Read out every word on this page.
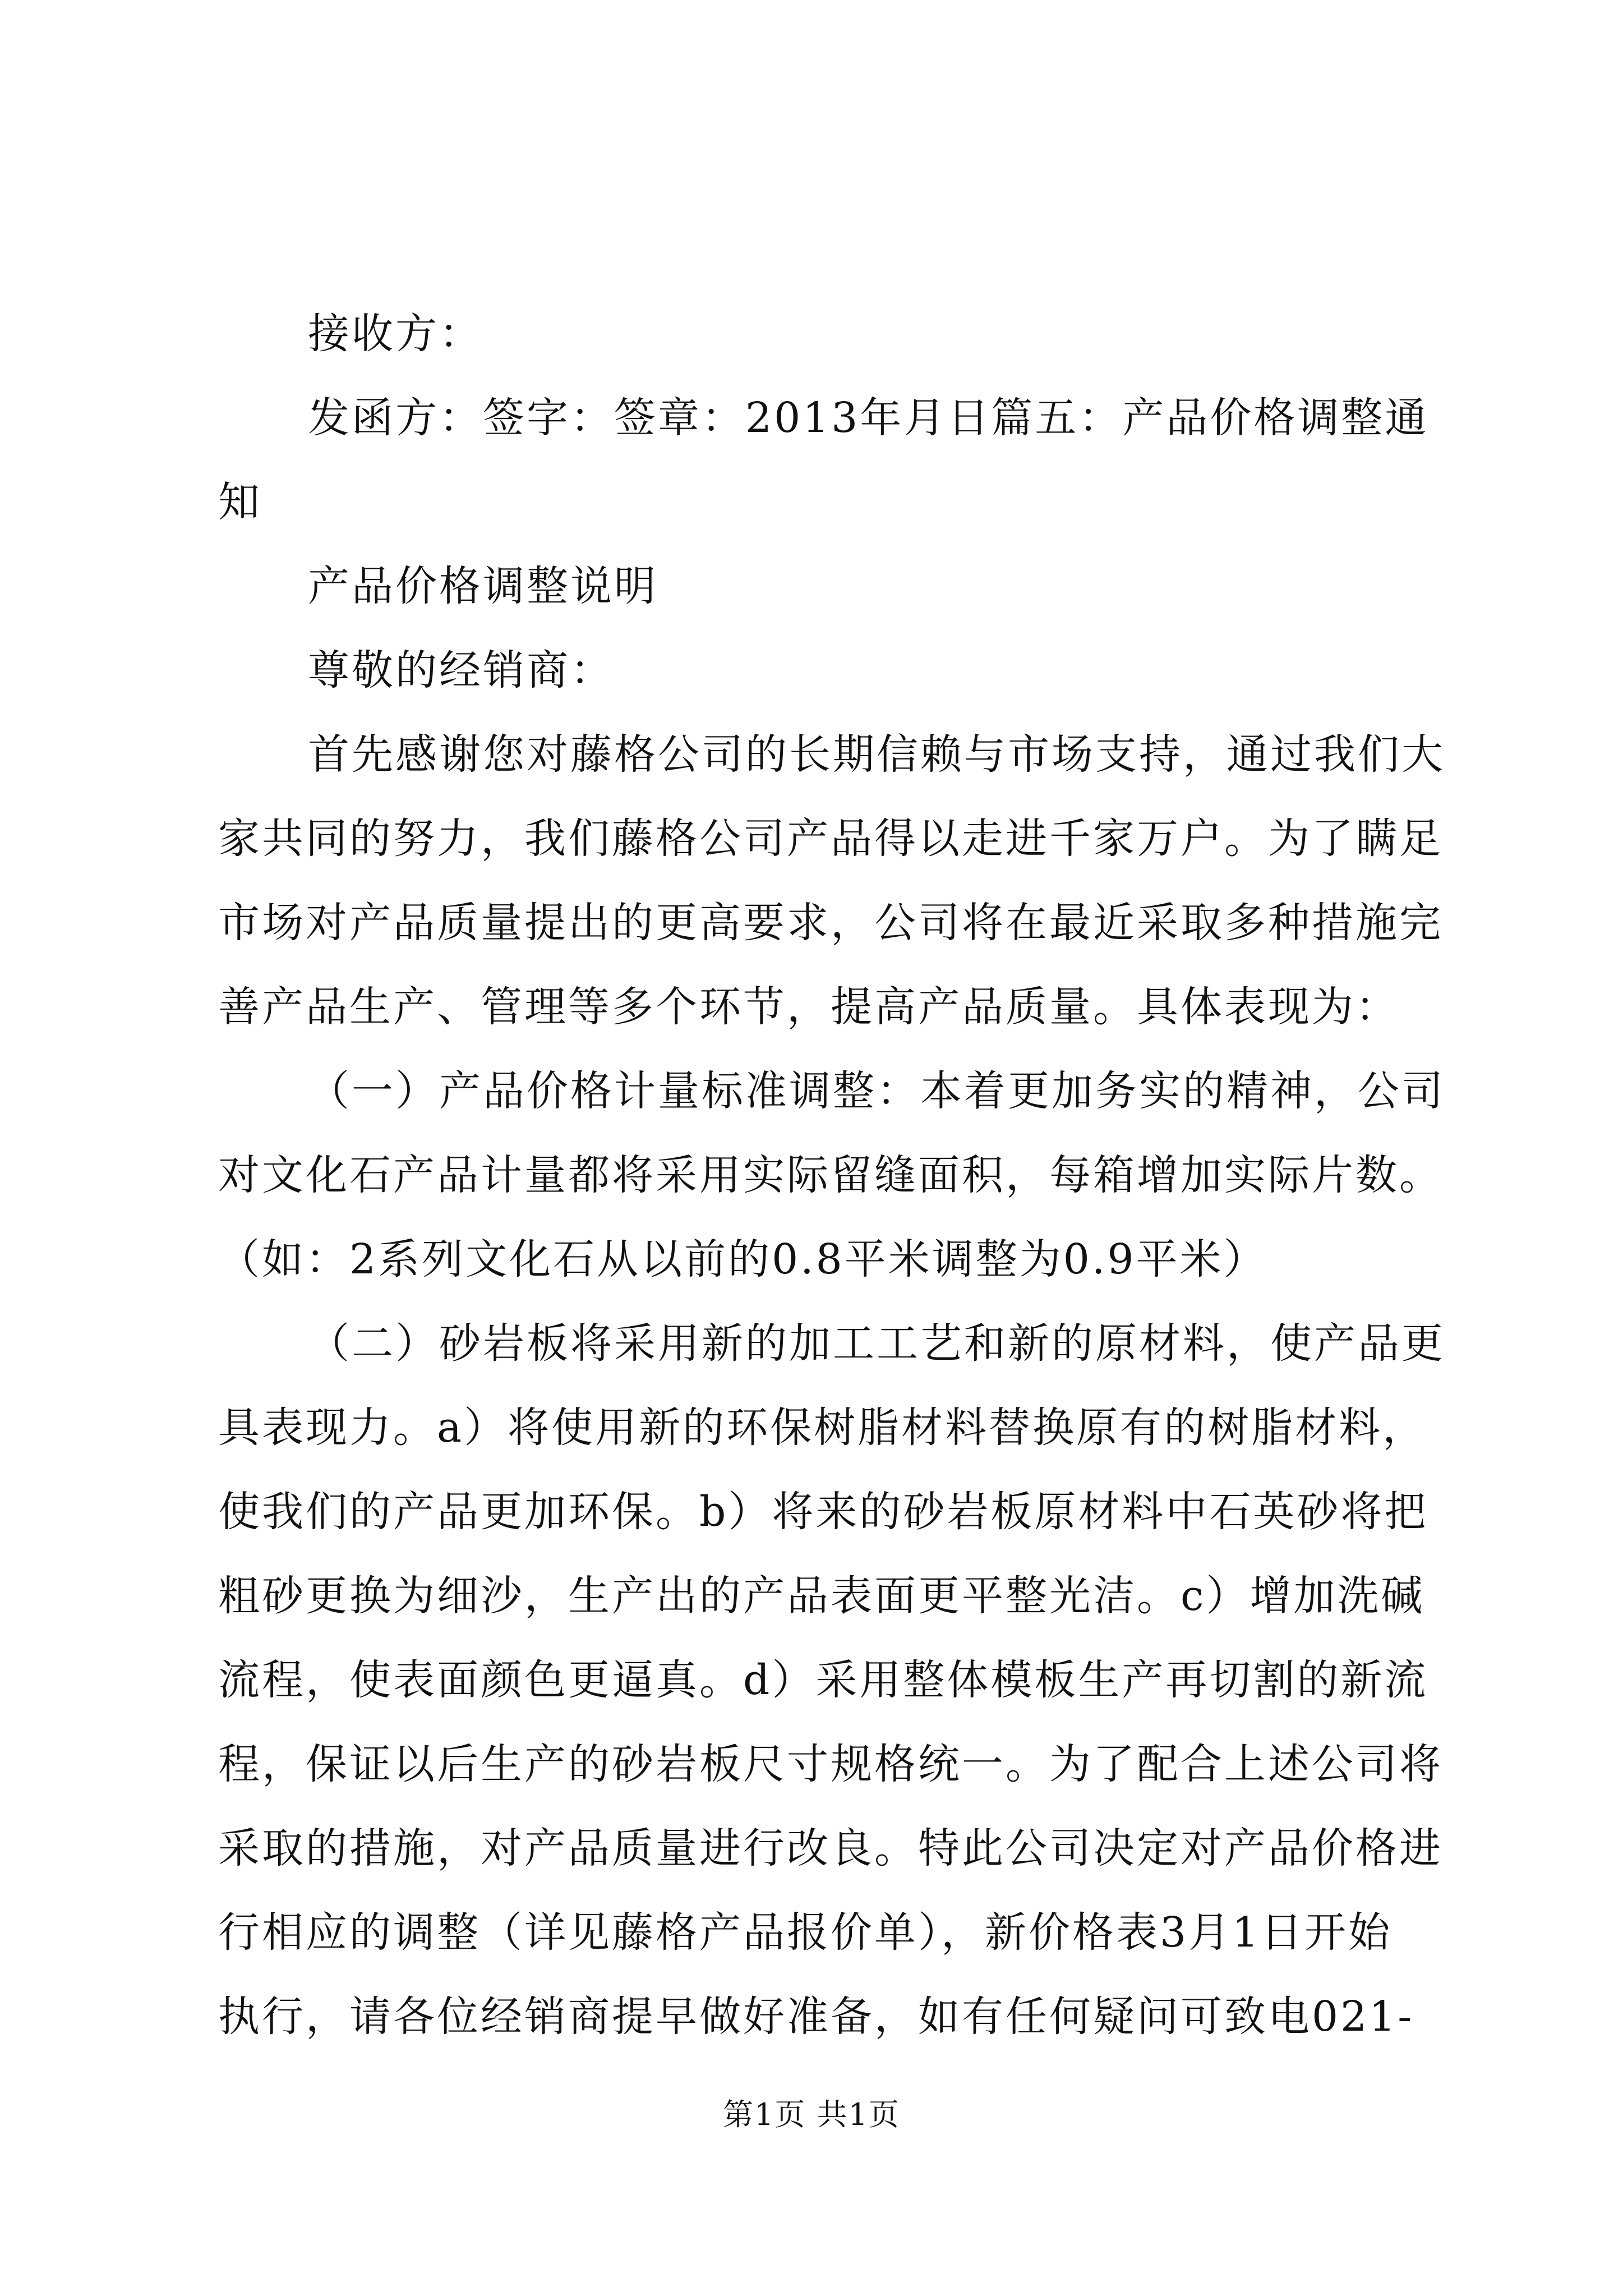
接收方：
发函方：签字：签章：2013年月日篇五：产品价格调整通
知
产品价格调整说明
尊敬的经销商：
首先感谢您对藤格公司的长期信赖与市场支持，通过我们大
家共同的努力，我们藤格公司产品得以走进千家万户。为了瞒足
市场对产品质量提出的更高要求，公司将在最近采取多种措施完
善产品生产、管理等多个环节，提高产品质量。具体表现为：
（一）产品价格计量标准调整：本着更加务实的精神，公司
对文化石产品计量都将采用实际留缝面积，每箱增加实际片数。
（如：2系列文化石从以前的0.8平米调整为0.9平米）
（二）砂岩板将采用新的加工工艺和新的原材料，使产品更
具表现力。a）将使用新的环保树脂材料替换原有的树脂材料，
使我们的产品更加环保。b）将来的砂岩板原材料中石英砂将把
粗砂更换为细沙，生产出的产品表面更平整光洁。c）增加洗碱
流程，使表面颜色更逼真。d）采用整体模板生产再切割的新流
程，保证以后生产的砂岩板尺寸规格统一。为了配合上述公司将
采取的措施，对产品质量进行改良。特此公司决定对产品价格进
行相应的调整（详见藤格产品报价单），新价格表3月1日开始
执行，请各位经销商提早做好准备，如有任何疑问可致电021-
第1页 共1页
